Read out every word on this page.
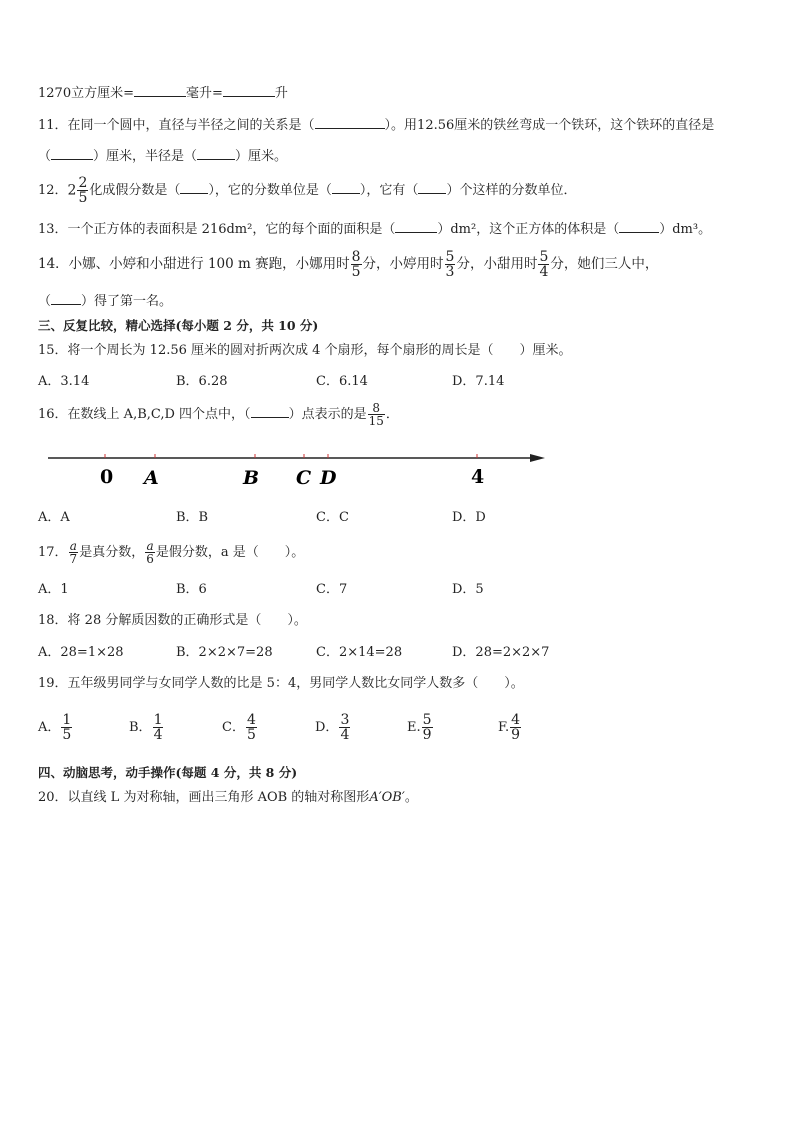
1270立方厘米=	毫升=	升
11．在同一个圆中，直径与半径之间的关系是（	）。用12.56厘米的铁丝弯成一个铁环，这个铁环的直径是
（	）厘米，半径是（	）厘米。
12．$2 \frac{2}{5}$ 化成假分数是（ ），它的分数单位是（ ），它有（ ）个这样的分数单位．
13．一个正方体的表面积是 216dm²，它的每个面的面积是（	）dm²，这个正方体的体积是（	）dm³。
14．小娜、小婷和小甜进行 100 m 赛跑，小娜用时 $\frac{8}{5}$ 分，小婷用时 $\frac{5}{3}$ 分，小甜用时 $\frac{5}{4}$ 分，她们三人中，
（ ）得了第一名。
三、反复比较，精心选择(每小题 2 分，共 10 分)
15．将一个周长为 12.56 厘米的圆对折两次成 4 个扇形，每个扇形的周长是（　　）厘米。
A．3.14	B．6.28	C．6.14	D．7.14
16．在数线上 A,B,C,D 四个点中，（	）点表示的是 $\frac{8}{15}$ ．
0 A	B C D	4
A．A	B．B	C．C	D．D
17． $\frac{a}{7}$ 是真分数， $\frac{a}{6}$ 是假分数，a 是（　　）。
A．1	B．6	C．7	D．5
18．将 28 分解质因数的正确形式是（　　）。
A．28=1×28	B．2×2×7=28	C．2×14=28	D．28=2×2×7
19．五年级男同学与女同学人数的比是 5：4，男同学人数比女同学人数多（　　）。
A． $\frac{1}{5}$	B． $\frac{1}{4}$	C． $\frac{4}{5}$	D． $\frac{3}{4}$	E. $\frac{5}{9}$	F. $\frac{4}{9}$
四、动脑思考，动手操作(每题 4 分，共 8 分)
20．以直线 L 为对称轴，画出三角形 AOB 的轴对称图形A′OB′。
